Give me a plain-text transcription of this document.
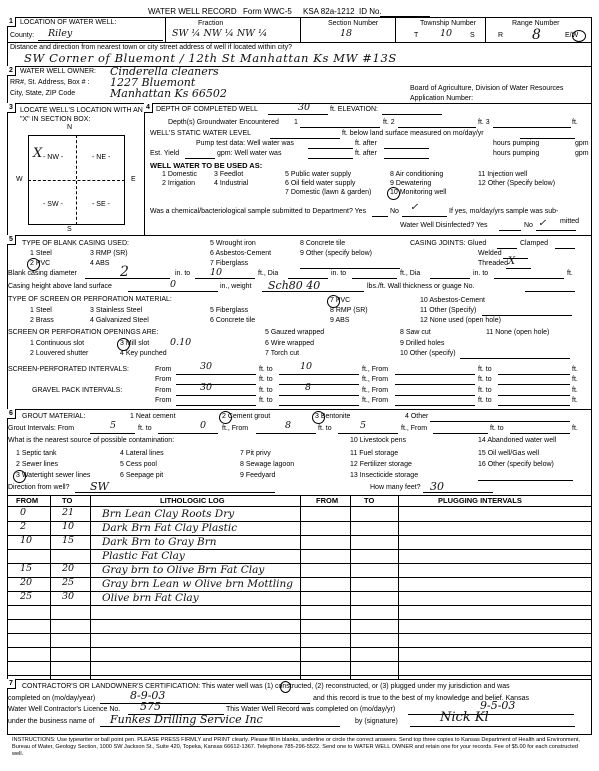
WATER WELL RECORD Form WWC-5 KSA 82a-1212 ID No.
1	LOCATION OF WATER WELL:
County: Riley
Fraction
SW ¼ NW ¼ NW ¼
Section Number
18
Township Number
T 10	S
Range Number
R 8	E/W
Distance and direction from nearest town or city street address of well if located within city?
SW Corner of Bluemont / 12th St Manhattan Ks MW #13S
2	WATER WELL OWNER: Cinderella cleaners
RR#, St. Address, Box # : 1227 Bluemont
City, State, ZIP Code	Manhattan Ks 66502	Board of Agriculture, Division of Water Resources
Application Number:
3	LOCATE WELL'S LOCATION WITH AN "X" IN SECTION BOX:
N
S
W	E
- NW -	- NE -
- SW -	- SE -
X
4 DEPTH OF COMPLETED WELL	30	ft. ELEVATION:
Depth(s) Groundwater Encountered 1	ft. 2	ft. 3	ft.
WELL'S STATIC WATER LEVEL	ft. below land surface measured on mo/day/yr
Pump test data: Well water was	ft. after	hours pumping	gpm
Est. Yield	gpm: Well water was	ft. after	hours pumping	gpm
WELL WATER TO BE USED AS:
1 Domestic 3 Feedlot	5 Public water supply	8 Air conditioning	11 Injection well
2 Irrigation	4 Industrial	6 Oil field water supply	9 Dewatering	12 Other (Specify below)
7 Domestic (lawn & garden)	10 Monitoring well
Was a chemical/bacteriological sample submitted to Department? Yes	No ✓	If yes, mo/day/yrs sample was sub-
mitted
Water Well Disinfected? Yes	No ✓
5
TYPE OF BLANK CASING USED:
1 Steel	3 RMP (SR)
5 Wrought iron	8 Concrete tile
2 PVC	4 ABS
6 Asbestos-Cement	9 Other (specify below)
7 Fiberglass
CASING JOINTS: Glued	Clamped
Welded
Threaded X
Blank casing diameter	2	in. to 10	ft., Dia	in. to	ft., Dia	in. to	ft.
Casing height above land surface	0	in., weight Sch80 40	lbs./ft. Wall thickness or guage No.
TYPE OF SCREEN OR PERFORATION MATERIAL:
1 Steel	3 Stainless Steel	5 Fiberglass
7 PVC	10 Asbestos-Cement
2 Brass	4 Galvanized Steel	6 Concrete tile
8 RMP (SR)	11 Other (Specify)
9 ABS	12 None used (open hole)
SCREEN OR PERFORATION OPENINGS ARE:
1 Continuous slot	3 Mill slot 0.10
5 Gauzed wrapped	8 Saw cut	11 None (open hole)
2 Louvered shutter	4 Key punched
6 Wire wrapped	9 Drilled holes
7 Torch cut	10 Other (specify)
SCREEN-PERFORATED INTERVALS:	From	30	ft. to	10	ft., From	ft. to	ft.
From	ft. to	ft., From	ft. to	ft.
GRAVEL PACK INTERVALS:	From	30	ft. to	8	ft., From	ft. to	ft.
From	ft. to	ft., From	ft. to	ft.
6	GROUT MATERIAL:	1 Neat cement	2 Cement grout	3 Bentonite	4 Other
Grout Intervals: From	5	ft. to	0 ft., From	8	ft. to	5	ft., From	ft. to	ft.
What is the nearest source of possible contamination:
1 Septic tank	4 Lateral lines	7 Pit privy
10 Livestock pens	14 Abandoned water well
2 Sewer lines	5 Cess pool	8 Sewage lagoon
11 Fuel storage	15 Oil well/Gas well
3 Watertight sewer lines	6 Seepage pit	9 Feedyard
12 Fertilizer storage	16 Other (specify below)
13 Insecticide storage
Direction from well? SW	How many feet? 30
FROM	TO	LITHOLOGIC LOG	FROM	TO	PLUGGING INTERVALS
0	21	Brn Lean Clay Roots Dry
2	10	Dark Brn Fat Clay Plastic
10	15	Dark Brn to Gray Brn
Plastic Fat Clay
15	20	Gray brn to Olive Brn Fat Clay
20	25	Gray brn Lean w Olive brn Mottling
25	30	Olive brn Fat Clay
7	CONTRACTOR'S OR LANDOWNER'S CERTIFICATION: This water well was (1) constructed, (2) reconstructed, or (3) plugged under my jurisdiction and was
completed on (mo/day/year)	8-9-03	and this record is true to the best of my knowledge and belief. Kansas
Water Well Contractor's Licence No. 575	This Water Well Record was completed on (mo/day/yr)	9-5-03
under the business name of Funkes Drilling Service Inc	by (signature)	Nick Kl
INSTRUCTIONS: Use typewriter or ball point pen. PLEASE PRESS FIRMLY and PRINT clearly. Please fill in blanks, underline or circle the correct answers. Send top three copies to Kansas Department of Health and Environment, Bureau of Water, Geology Section, 1000 SW Jackson St., Suite 420, Topeka, Kansas 66612-1367. Telephone 785-296-5522. Send one to WATER WELL OWNER and retain one for your records. Fee of $5.00 for each constructed well.
